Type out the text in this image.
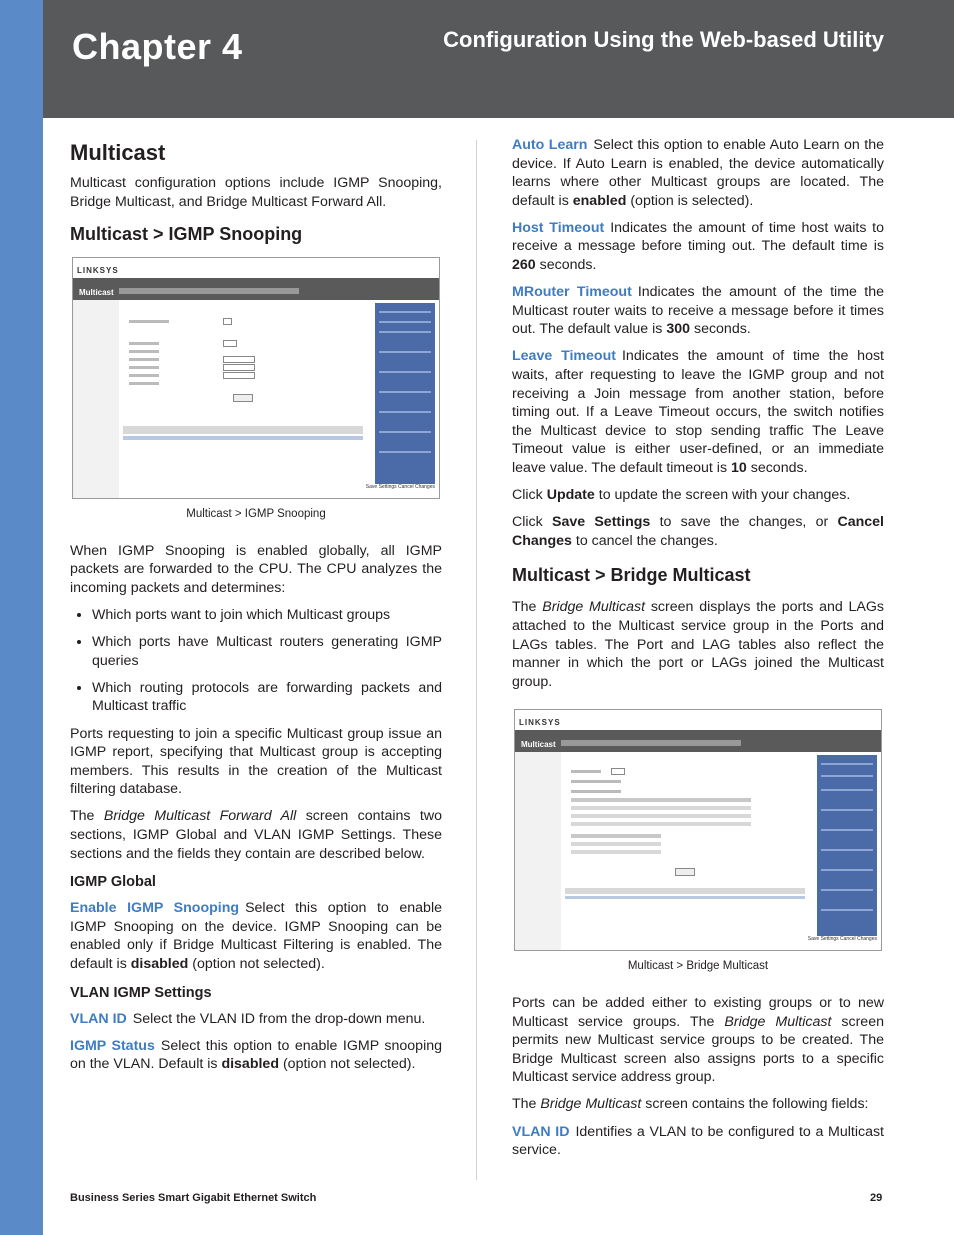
Chapter 4	Configuration Using the Web-based Utility
Multicast

Multicast configuration options include IGMP Snooping, Bridge Multicast, and Bridge Multicast Forward All.

Multicast > IGMP Snooping
LINKSYS
Multicast
Save Settings Cancel Changes
Multicast > IGMP Snooping

When IGMP Snooping is enabled globally, all IGMP packets are forwarded to the CPU. The CPU analyzes the incoming packets and determines:

• Which ports want to join which Multicast groups
• Which ports have Multicast routers generating IGMP queries
• Which routing protocols are forwarding packets and Multicast traffic

Ports requesting to join a specific Multicast group issue an IGMP report, specifying that Multicast group is accepting members. This results in the creation of the Multicast filtering database.

The Bridge Multicast Forward All screen contains two sections, IGMP Global and VLAN IGMP Settings. These sections and the fields they contain are described below.

IGMP Global

Enable IGMP Snooping Select this option to enable IGMP Snooping on the device. IGMP Snooping can be enabled only if Bridge Multicast Filtering is enabled. The default is disabled (option not selected).

VLAN IGMP Settings

VLAN ID Select the VLAN ID from the drop-down menu.

IGMP Status Select this option to enable IGMP snooping on the VLAN. Default is disabled (option not selected).

Auto Learn Select this option to enable Auto Learn on the device. If Auto Learn is enabled, the device automatically learns where other Multicast groups are located. The default is enabled (option is selected).

Host Timeout Indicates the amount of time host waits to receive a message before timing out. The default time is 260 seconds.

MRouter Timeout Indicates the amount of the time the Multicast router waits to receive a message before it times out. The default value is 300 seconds.

Leave Timeout Indicates the amount of time the host waits, after requesting to leave the IGMP group and not receiving a Join message from another station, before timing out. If a Leave Timeout occurs, the switch notifies the Multicast device to stop sending traffic The Leave Timeout value is either user-defined, or an immediate leave value. The default timeout is 10 seconds.

Click Update to update the screen with your changes.

Click Save Settings to save the changes, or Cancel Changes to cancel the changes.

Multicast > Bridge Multicast

The Bridge Multicast screen displays the ports and LAGs attached to the Multicast service group in the Ports and LAGs tables. The Port and LAG tables also reflect the manner in which the port or LAGs joined the Multicast group.

LINKSYS
Multicast
Save Settings Cancel Changes
Multicast > Bridge Multicast

Ports can be added either to existing groups or to new Multicast service groups. The Bridge Multicast screen permits new Multicast service groups to be created. The Bridge Multicast screen also assigns ports to a specific Multicast service address group.

The Bridge Multicast screen contains the following fields:

VLAN ID Identifies a VLAN to be configured to a Multicast service.

Business Series Smart Gigabit Ethernet Switch	29
